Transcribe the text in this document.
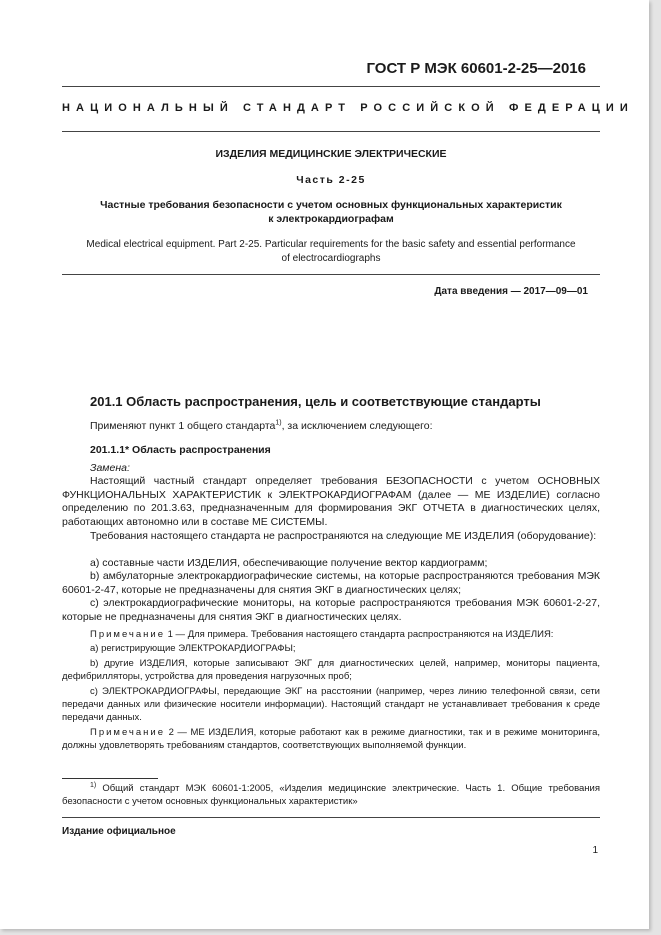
ГОСТ Р МЭК 60601-2-25—2016
НАЦИОНАЛЬНЫЙ СТАНДАРТ РОССИЙСКОЙ ФЕДЕРАЦИИ
ИЗДЕЛИЯ МЕДИЦИНСКИЕ ЭЛЕКТРИЧЕСКИЕ
Часть 2-25
Частные требования безопасности с учетом основных функциональных характеристик
к электрокардиографам
Medical electrical equipment. Part 2-25. Particular requirements for the basic safety and essential performance
of electrocardiographs
Дата введения — 2017—09—01
201.1 Область распространения, цель и соответствующие стандарты
Применяют пункт 1 общего стандарта$^{1)}$, за исключением следующего:
201.1.1* Область распространения
Замена:
Настоящий частный стандарт определяет требования БЕЗОПАСНОСТИ с учетом ОСНОВНЫХ ФУНКЦИОНАЛЬНЫХ ХАРАКТЕРИСТИК к ЭЛЕКТРОКАРДИОГРАФАМ (далее — МЕ ИЗДЕЛИЕ) согласно определению по 201.3.63, предназначенным для формирования ЭКГ ОТЧЕТА в диагностических целях, работающих автономно или в составе МЕ СИСТЕМЫ.
Требования настоящего стандарта не распространяются на следующие МЕ ИЗДЕЛИЯ (оборудование):
а) составные части ИЗДЕЛИЯ, обеспечивающие получение вектор кардиограмм;
b) амбулаторные электрокардиографические системы, на которые распространяются требования МЭК 60601-2-47, которые не предназначены для снятия ЭКГ в диагностических целях;
c) электрокардиографические мониторы, на которые распространяются требования МЭК 60601-2-27, которые не предназначены для снятия ЭКГ в диагностических целях.
Примечание 1 — Для примера. Требования настоящего стандарта распространяются на ИЗДЕЛИЯ:
а) регистрирующие ЭЛЕКТРОКАРДИОГРАФЫ;
b) другие ИЗДЕЛИЯ, которые записывают ЭКГ для диагностических целей, например, мониторы пациента, дефибрилляторы, устройства для проведения нагрузочных проб;
c) ЭЛЕКТРОКАРДИОГРАФЫ, передающие ЭКГ на расстоянии (например, через линию телефонной связи, сети передачи данных или физические носители информации). Настоящий стандарт не устанавливает требования к среде передачи данных.
Примечание 2 — МЕ ИЗДЕЛИЯ, которые работают как в режиме диагностики, так и в режиме мониторинга, должны удовлетворять требованиям стандартов, соответствующих выполняемой функции.
$^{1)}$ Общий стандарт МЭК 60601-1:2005, «Изделия медицинские электрические. Часть 1. Общие требования безопасности с учетом основных функциональных характеристик»
Издание официальное
1
